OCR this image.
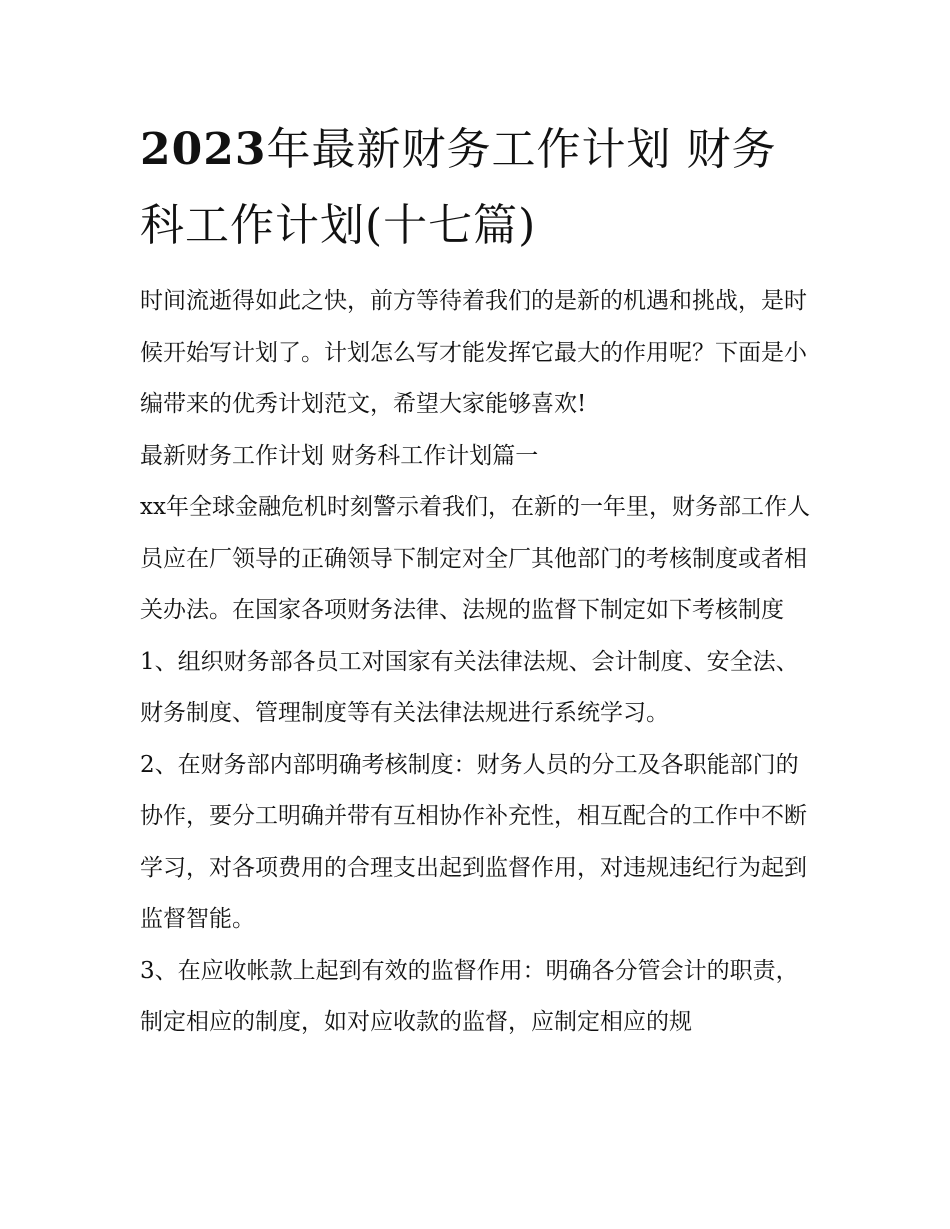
2023年最新财务工作计划 财务科工作计划(十七篇)

时间流逝得如此之快，前方等待着我们的是新的机遇和挑战，是时候开始写计划了。计划怎么写才能发挥它最大的作用呢？下面是小编带来的优秀计划范文，希望大家能够喜欢!

最新财务工作计划 财务科工作计划篇一

xx年全球金融危机时刻警示着我们，在新的一年里，财务部工作人员应在厂领导的正确领导下制定对全厂其他部门的考核制度或者相关办法。在国家各项财务法律、法规的监督下制定如下考核制度

1、组织财务部各员工对国家有关法律法规、会计制度、安全法、财务制度、管理制度等有关法律法规进行系统学习。

2、在财务部内部明确考核制度：财务人员的分工及各职能部门的协作，要分工明确并带有互相协作补充性，相互配合的工作中不断学习，对各项费用的合理支出起到监督作用，对违规违纪行为起到监督智能。

3、在应收帐款上起到有效的监督作用：明确各分管会计的职责，制定相应的制度，如对应收款的监督，应制定相应的规
